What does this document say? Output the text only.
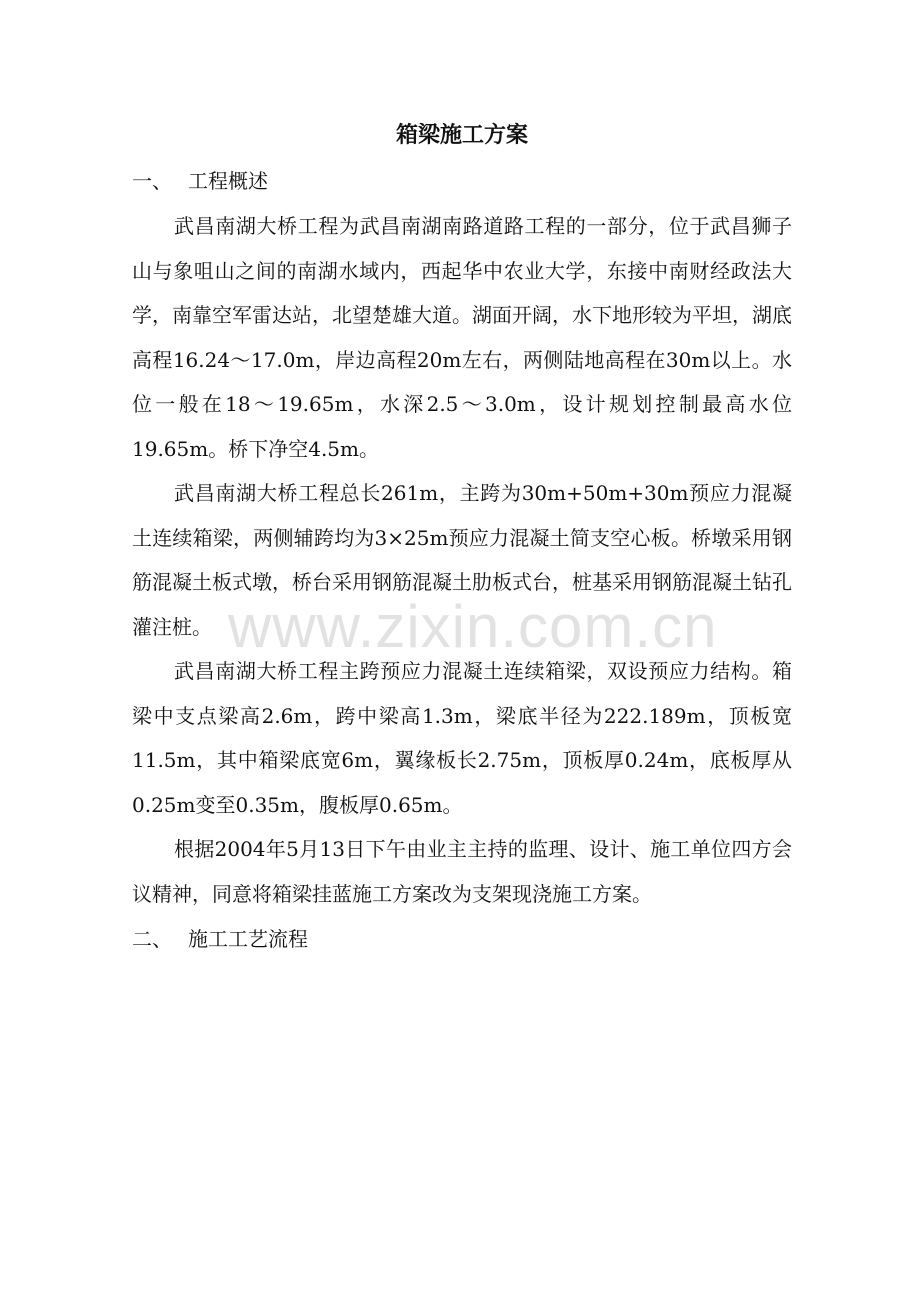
www.zixin.com.cn
箱梁施工方案
一、 工程概述

武昌南湖大桥工程为武昌南湖南路道路工程的一部分，位于武昌狮子山与象咀山之间的南湖水域内，西起华中农业大学，东接中南财经政法大学，南靠空军雷达站，北望楚雄大道。湖面开阔，水下地形较为平坦，湖底高程16.24～17.0m，岸边高程20m左右，两侧陆地高程在30m以上。水位一般在18～19.65m，水深2.5～3.0m，设计规划控制最高水位19.65m。桥下净空4.5m。

武昌南湖大桥工程总长261m，主跨为30m+50m+30m预应力混凝土连续箱梁，两侧辅跨均为3×25m预应力混凝土简支空心板。桥墩采用钢筋混凝土板式墩，桥台采用钢筋混凝土肋板式台，桩基采用钢筋混凝土钻孔灌注桩。

武昌南湖大桥工程主跨预应力混凝土连续箱梁，双设预应力结构。箱梁中支点梁高2.6m，跨中梁高1.3m，梁底半径为222.189m，顶板宽11.5m，其中箱梁底宽6m，翼缘板长2.75m，顶板厚0.24m，底板厚从0.25m变至0.35m，腹板厚0.65m。

根据2004年5月13日下午由业主主持的监理、设计、施工单位四方会议精神，同意将箱梁挂蓝施工方案改为支架现浇施工方案。

二、 施工工艺流程
